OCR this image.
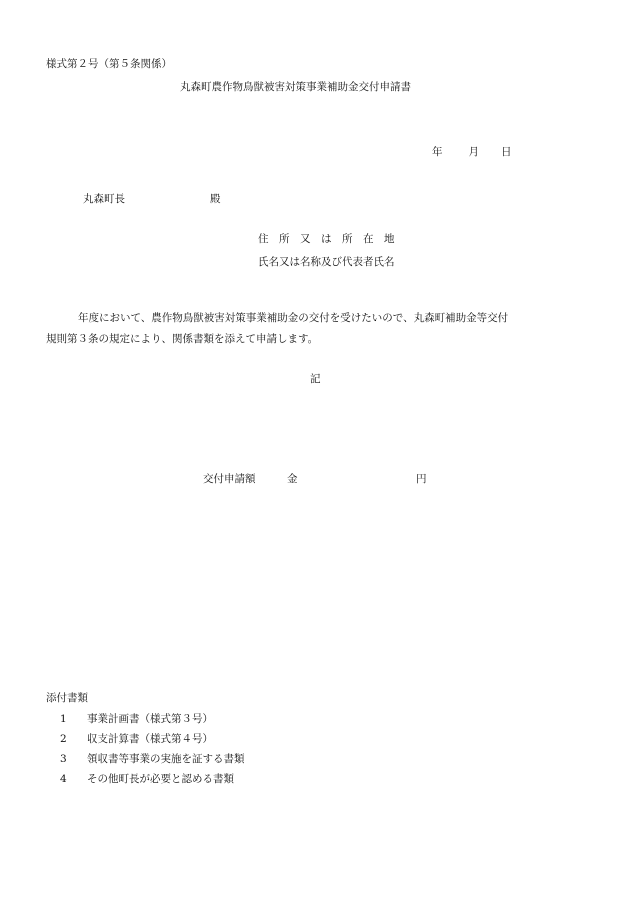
様式第２号（第５条関係）
丸森町農作物鳥獣被害対策事業補助金交付申請書
年 月 日
丸森町長	殿
住　所　又　は　所　在　地
氏名又は名称及び代表者氏名
年度において、農作物鳥獣被害対策事業補助金の交付を受けたいので、丸森町補助金等交付
規則第３条の規定により、関係書類を添えて申請します。
記
交付申請額	金	円
添付書類
1 事業計画書（様式第３号）
2 収支計算書（様式第４号）
3 領収書等事業の実施を証する書類
4 その他町長が必要と認める書類
